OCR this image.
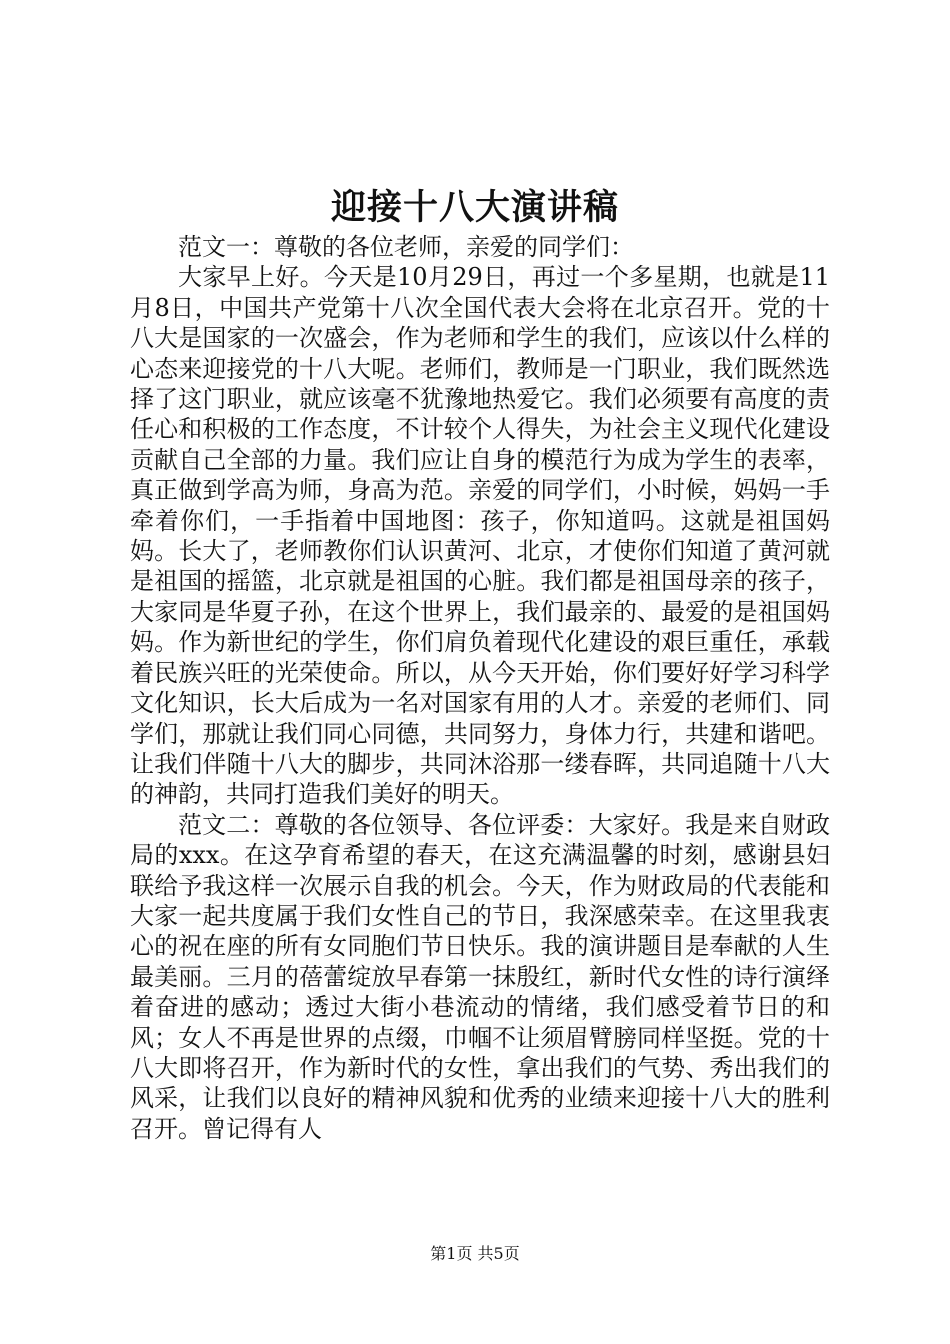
迎接十八大演讲稿

范文一：尊敬的各位老师，亲爱的同学们：

大家早上好。今天是10月29日，再过一个多星期，也就是11月8日，中国共产党第十八次全国代表大会将在北京召开。党的十八大是国家的一次盛会，作为老师和学生的我们，应该以什么样的心态来迎接党的十八大呢。老师们，教师是一门职业，我们既然选择了这门职业，就应该毫不犹豫地热爱它。我们必须要有高度的责任心和积极的工作态度，不计较个人得失，为社会主义现代化建设贡献自己全部的力量。我们应让自身的模范行为成为学生的表率，真正做到学高为师，身高为范。亲爱的同学们，小时候，妈妈一手牵着你们，一手指着中国地图：孩子，你知道吗。这就是祖国妈妈。长大了，老师教你们认识黄河、北京，才使你们知道了黄河就是祖国的摇篮，北京就是祖国的心脏。我们都是祖国母亲的孩子，大家同是华夏子孙，在这个世界上，我们最亲的、最爱的是祖国妈妈。作为新世纪的学生，你们肩负着现代化建设的艰巨重任，承载着民族兴旺的光荣使命。所以，从今天开始，你们要好好学习科学文化知识，长大后成为一名对国家有用的人才。亲爱的老师们、同学们，那就让我们同心同德，共同努力，身体力行，共建和谐吧。让我们伴随十八大的脚步，共同沐浴那一缕春晖，共同追随十八大的神韵，共同打造我们美好的明天。

范文二：尊敬的各位领导、各位评委：大家好。我是来自财政局的xxx。在这孕育希望的春天，在这充满温馨的时刻，感谢县妇联给予我这样一次展示自我的机会。今天，作为财政局的代表能和大家一起共度属于我们女性自己的节日，我深感荣幸。在这里我衷心的祝在座的所有女同胞们节日快乐。我的演讲题目是奉献的人生最美丽。三月的蓓蕾绽放早春第一抹殷红，新时代女性的诗行演绎着奋进的感动；透过大街小巷流动的情绪，我们感受着节日的和风；女人不再是世界的点缀，巾帼不让须眉臂膀同样坚挺。党的十八大即将召开，作为新时代的女性，拿出我们的气势、秀出我们的风采，让我们以良好的精神风貌和优秀的业绩来迎接十八大的胜利召开。曾记得有人

第1页 共5页
